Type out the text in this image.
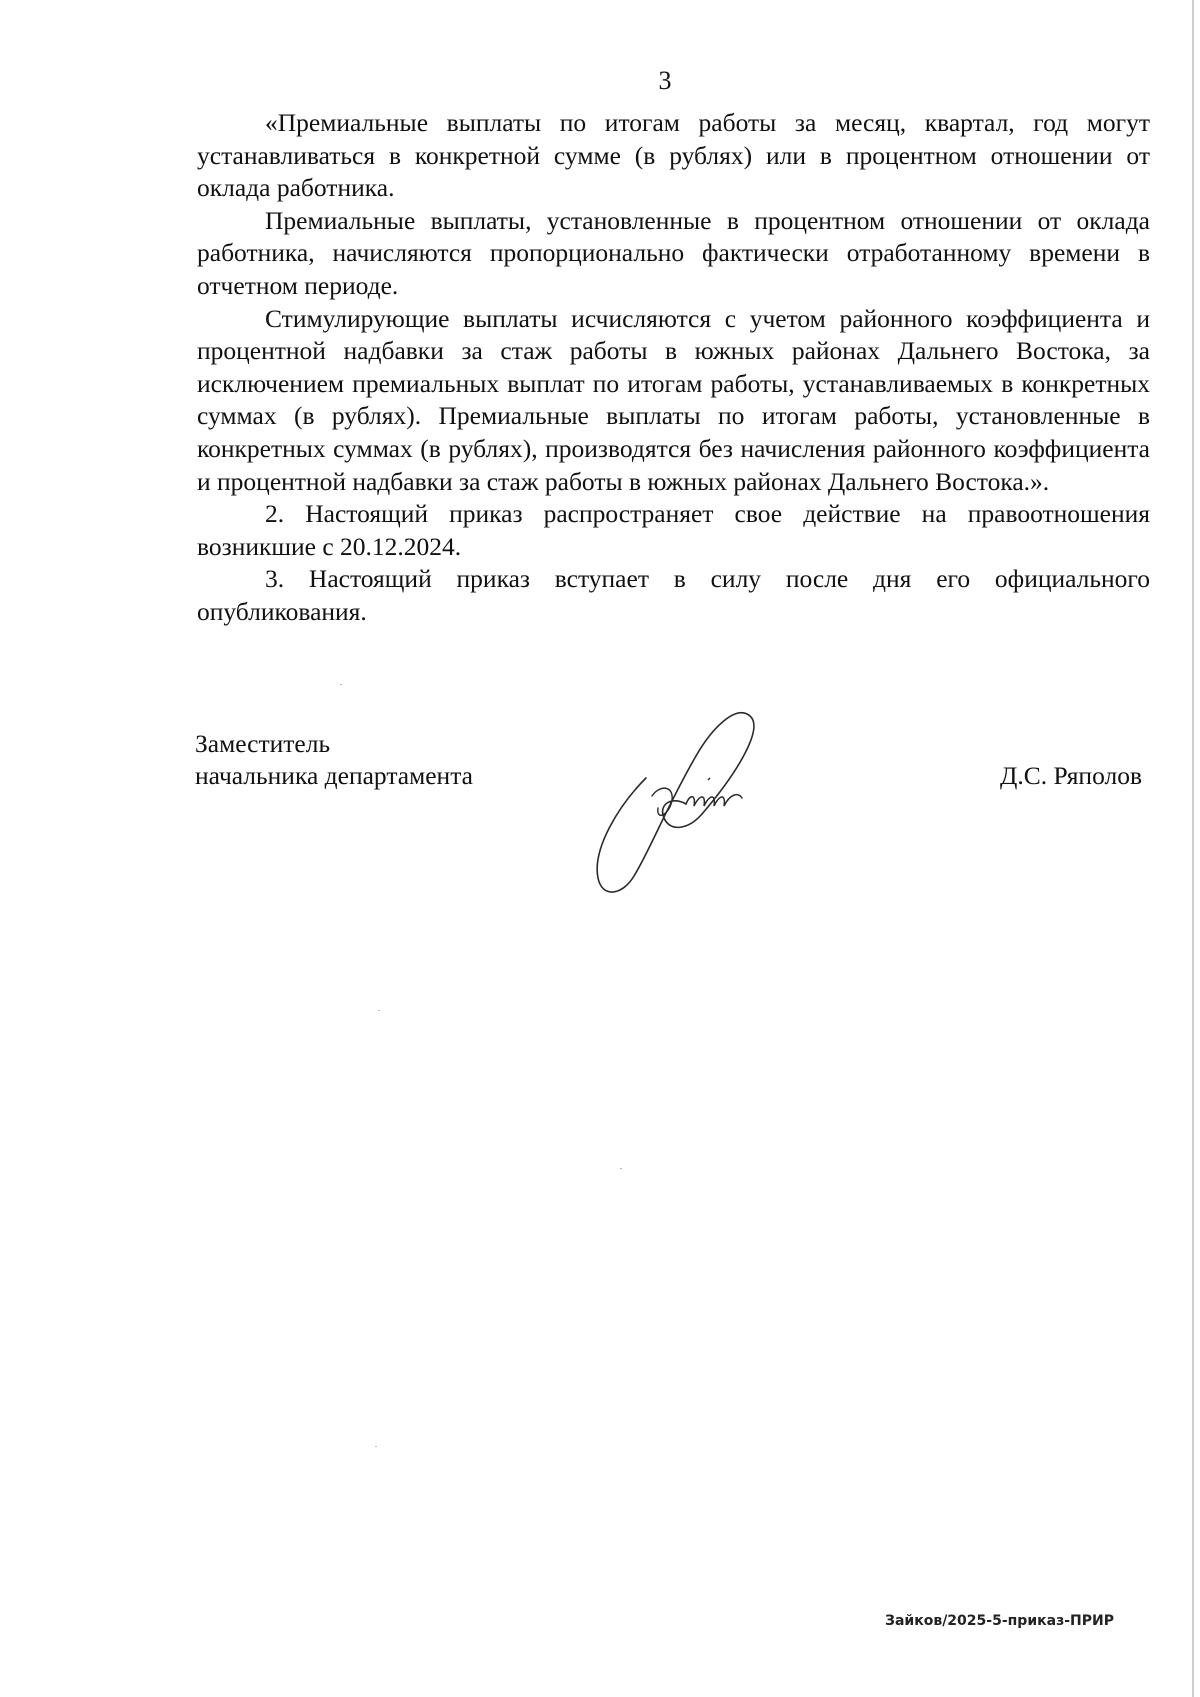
3

«Премиальные выплаты по итогам работы за месяц, квартал, год могут устанавливаться в конкретной сумме (в рублях) или в процентном отношении от оклада работника.

Премиальные выплаты, установленные в процентном отношении от оклада работника, начисляются пропорционально фактически отработанному времени в отчетном периоде.

Стимулирующие выплаты исчисляются с учетом районного коэффициента и процентной надбавки за стаж работы в южных районах Дальнего Востока, за исключением премиальных выплат по итогам работы, устанавливаемых в конкретных суммах (в рублях). Премиальные выплаты по итогам работы, установленные в конкретных суммах (в рублях), производятся без начисления районного коэффициента и процентной надбавки за стаж работы в южных районах Дальнего Востока.».

2. Настоящий приказ распространяет свое действие на правоотношения возникшие с 20.12.2024.

3. Настоящий приказ вступает в силу после дня его официального опубликования.

Заместитель
начальника департамента	Д.С. Ряполов
Зайков/2025-5-приказ-ПРИР
